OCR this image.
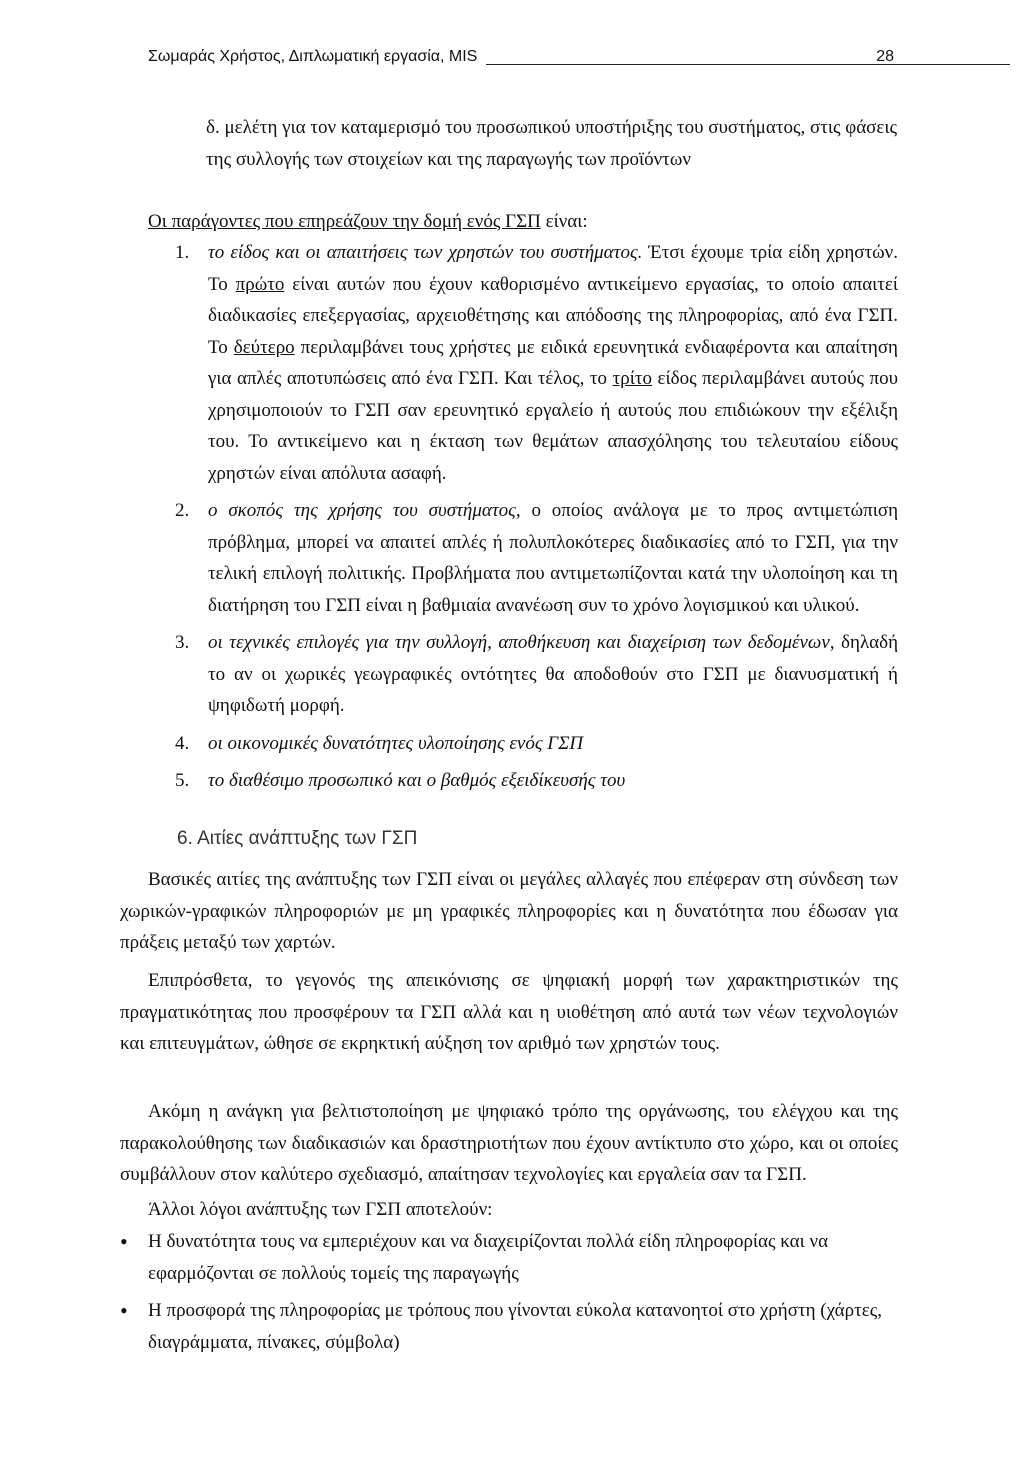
Σωμαράς Χρήστος, Διπλωματική εργασία, MIS	28

δ. μελέτη για τον καταμερισμό του προσωπικού υποστήριξης του συστήματος, στις φάσεις της συλλογής των στοιχείων και της παραγωγής των προϊόντων

Οι παράγοντες που επηρεάζουν την δομή ενός ΓΣΠ είναι:

1. το είδος και οι απαιτήσεις των χρηστών του συστήματος. Έτσι έχουμε τρία είδη χρηστών. Το πρώτο είναι αυτών που έχουν καθορισμένο αντικείμενο εργασίας, το οποίο απαιτεί διαδικασίες επεξεργασίας, αρχειοθέτησης και απόδοσης της πληροφορίας, από ένα ΓΣΠ. Το δεύτερο περιλαμβάνει τους χρήστες με ειδικά ερευνητικά ενδιαφέροντα και απαίτηση για απλές αποτυπώσεις από ένα ΓΣΠ. Και τέλος, το τρίτο είδος περιλαμβάνει αυτούς που χρησιμοποιούν το ΓΣΠ σαν ερευνητικό εργαλείο ή αυτούς που επιδιώκουν την εξέλιξη του. Το αντικείμενο και η έκταση των θεμάτων απασχόλησης του τελευταίου είδους χρηστών είναι απόλυτα ασαφή.
2. ο σκοπός της χρήσης του συστήματος, ο οποίος ανάλογα με το προς αντιμετώπιση πρόβλημα, μπορεί να απαιτεί απλές ή πολυπλοκότερες διαδικασίες από το ΓΣΠ, για την τελική επιλογή πολιτικής. Προβλήματα που αντιμετωπίζονται κατά την υλοποίηση και τη διατήρηση του ΓΣΠ είναι η βαθμιαία ανανέωση συν το χρόνο λογισμικού και υλικού.
3. οι τεχνικές επιλογές για την συλλογή, αποθήκευση και διαχείριση των δεδομένων, δηλαδή το αν οι χωρικές γεωγραφικές οντότητες θα αποδοθούν στο ΓΣΠ με διανυσματική ή ψηφιδωτή μορφή.
4. οι οικονομικές δυνατότητες υλοποίησης ενός ΓΣΠ
5. το διαθέσιμο προσωπικό και ο βαθμός εξειδίκευσής του
6. Αιτίες ανάπτυξης των ΓΣΠ

Βασικές αιτίες της ανάπτυξης των ΓΣΠ είναι οι μεγάλες αλλαγές που επέφεραν στη σύνδεση των χωρικών-γραφικών πληροφοριών με μη γραφικές πληροφορίες και η δυνατότητα που έδωσαν για πράξεις μεταξύ των χαρτών.

Επιπρόσθετα, το γεγονός της απεικόνισης σε ψηφιακή μορφή των χαρακτηριστικών της πραγματικότητας που προσφέρουν τα ΓΣΠ αλλά και η υιοθέτηση από αυτά των νέων τεχνολογιών και επιτευγμάτων, ώθησε σε εκρηκτική αύξηση τον αριθμό των χρηστών τους.

Ακόμη η ανάγκη για βελτιστοποίηση με ψηφιακό τρόπο της οργάνωσης, του ελέγχου και της παρακολούθησης των διαδικασιών και δραστηριοτήτων που έχουν αντίκτυπο στο χώρο, και οι οποίες συμβάλλουν στον καλύτερο σχεδιασμό, απαίτησαν τεχνολογίες και εργαλεία σαν τα ΓΣΠ.

Άλλοι λόγοι ανάπτυξης των ΓΣΠ αποτελούν:

• Η δυνατότητα τους να εμπεριέχουν και να διαχειρίζονται πολλά είδη πληροφορίας και να εφαρμόζονται σε πολλούς τομείς της παραγωγής
• Η προσφορά της πληροφορίας με τρόπους που γίνονται εύκολα κατανοητοί στο χρήστη (χάρτες, διαγράμματα, πίνακες, σύμβολα)
